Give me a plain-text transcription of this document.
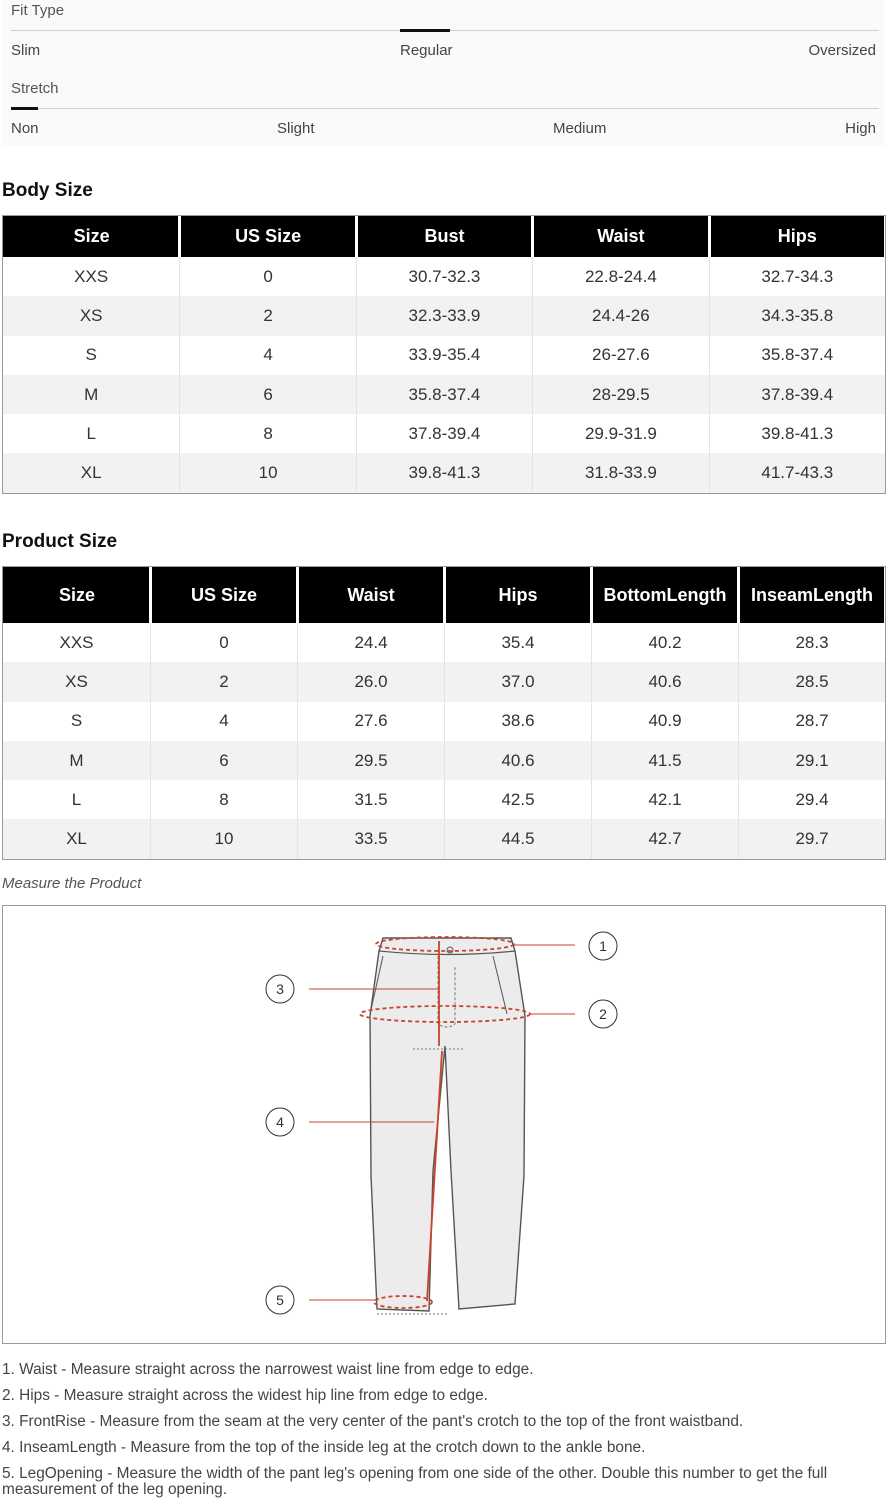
Fit Type
Slim	Regular	Oversized
Stretch
Non	Slight	Medium	High
Body Size
Size	US Size	Bust	Waist	Hips
XXS	0	30.7-32.3	22.8-24.4	32.7-34.3
XS	2	32.3-33.9	24.4-26	34.3-35.8
S	4	33.9-35.4	26-27.6	35.8-37.4
M	6	35.8-37.4	28-29.5	37.8-39.4
L	8	37.8-39.4	29.9-31.9	39.8-41.3
XL	10	39.8-41.3	31.8-33.9	41.7-43.3
Product Size
Size	US Size	Waist	Hips	BottomLength	InseamLength

XXS	0	24.4	35.4	40.2	28.3
XS	2	26.0	37.0	40.6	28.5
S	4	27.6	38.6	40.9	28.7
M	6	29.5	40.6	41.5	29.1
L	8	31.5	42.5	42.1	29.4
XL	10	33.5	44.5	42.7	29.7
Measure the Product
1
2
3
4
5

1. Waist - Measure straight across the narrowest waist line from edge to edge.

2. Hips - Measure straight across the widest hip line from edge to edge.

3. FrontRise - Measure from the seam at the very center of the pant's crotch to the top of the front waistband.

4. InseamLength - Measure from the top of the inside leg at the crotch down to the ankle bone.

5. LegOpening - Measure the width of the pant leg's opening from one side of the other. Double this number to get the full measurement of the leg opening.
